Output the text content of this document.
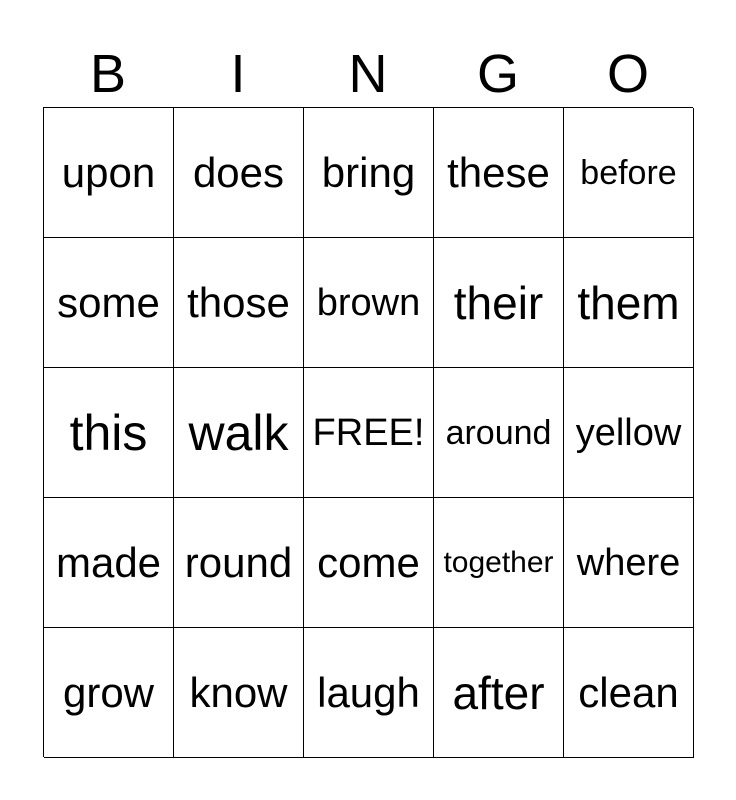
B	I	N	G	O
upon does bring these before
some those brown their them
this walk FREE! around yellow
made round come together where
grow know laugh after clean
